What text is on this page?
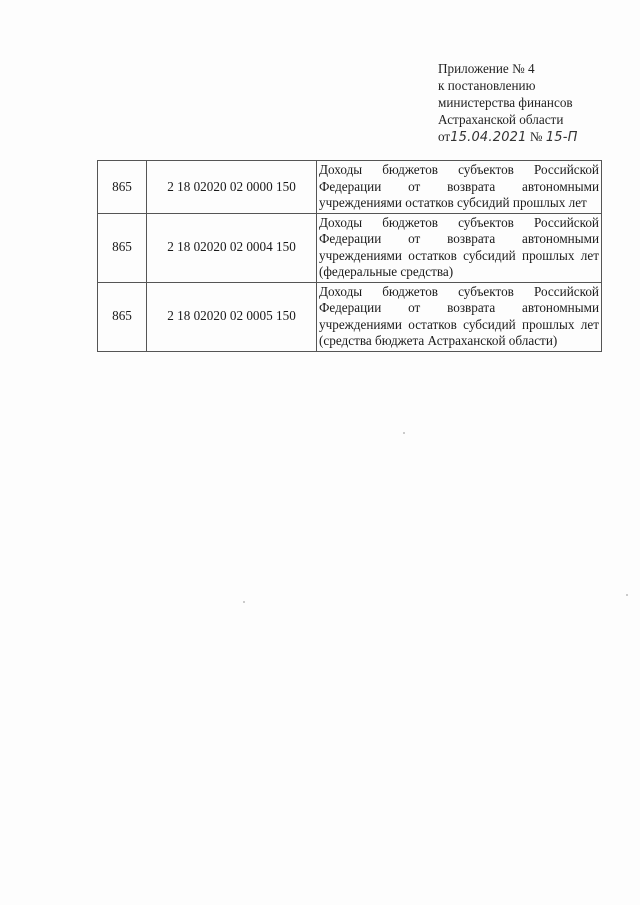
Приложение № 4
к постановлению
министерства финансов
Астраханской области
от15.04.2021 № 15-П
865	2 18 02020 02 0000 150	Доходы бюджетов субъектов Российской Федерации от возврата автономными учреждениями остатков субсидий прошлых лет
865	2 18 02020 02 0004 150	Доходы бюджетов субъектов Российской Федерации от возврата автономными учреждениями остатков субсидий прошлых лет (федеральные средства)
865	2 18 02020 02 0005 150	Доходы бюджетов субъектов Российской Федерации от возврата автономными учреждениями остатков субсидий прошлых лет (средства бюджета Астраханской области)
